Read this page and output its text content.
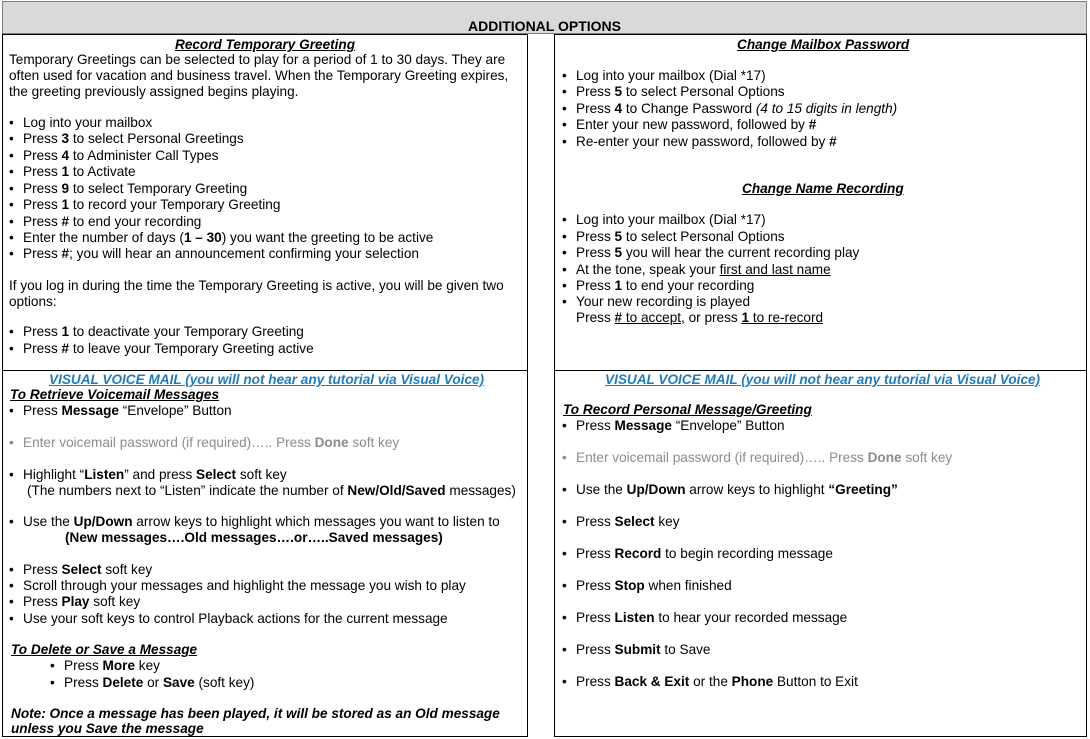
ADDITIONAL OPTIONS
Record Temporary Greeting
Temporary Greetings can be selected to play for a period of 1 to 30 days. They are
often used for vacation and business travel. When the Temporary Greeting expires,
the greeting previously assigned begins playing.
• Log into your mailbox
• Press 3 to select Personal Greetings
• Press 4 to Administer Call Types
• Press 1 to Activate
• Press 9 to select Temporary Greeting
• Press 1 to record your Temporary Greeting
• Press # to end your recording
• Enter the number of days (1 – 30) you want the greeting to be active
• Press #; you will hear an announcement confirming your selection
If you log in during the time the Temporary Greeting is active, you will be given two
options:
• Press 1 to deactivate your Temporary Greeting
• Press # to leave your Temporary Greeting active
Change Mailbox Password
• Log into your mailbox (Dial *17)
• Press 5 to select Personal Options
• Press 4 to Change Password (4 to 15 digits in length)
• Enter your new password, followed by #
• Re-enter your new password, followed by #
Change Name Recording
• Log into your mailbox (Dial *17)
• Press 5 to select Personal Options
• Press 5 you will hear the current recording play
• At the tone, speak your first and last name
• Press 1 to end your recording
• Your new recording is played
Press # to accept, or press 1 to re-record
VISUAL VOICE MAIL (you will not hear any tutorial via Visual Voice)
To Retrieve Voicemail Messages
• Press Message “Envelope” Button
• Enter voicemail password (if required)….. Press Done soft key
• Highlight “Listen” and press Select soft key
(The numbers next to “Listen” indicate the number of New/Old/Saved messages)
• Use the Up/Down arrow keys to highlight which messages you want to listen to
(New messages….Old messages….or…..Saved messages)
• Press Select soft key
• Scroll through your messages and highlight the message you wish to play
• Press Play soft key
• Use your soft keys to control Playback actions for the current message
To Delete or Save a Message
• Press More key
• Press Delete or Save (soft key)
Note: Once a message has been played, it will be stored as an Old message
unless you Save the message
VISUAL VOICE MAIL (you will not hear any tutorial via Visual Voice)
To Record Personal Message/Greeting
• Press Message “Envelope” Button
• Enter voicemail password (if required)….. Press Done soft key
• Use the Up/Down arrow keys to highlight “Greeting”
• Press Select key
• Press Record to begin recording message
• Press Stop when finished
• Press Listen to hear your recorded message
• Press Submit to Save
• Press Back & Exit or the Phone Button to Exit
